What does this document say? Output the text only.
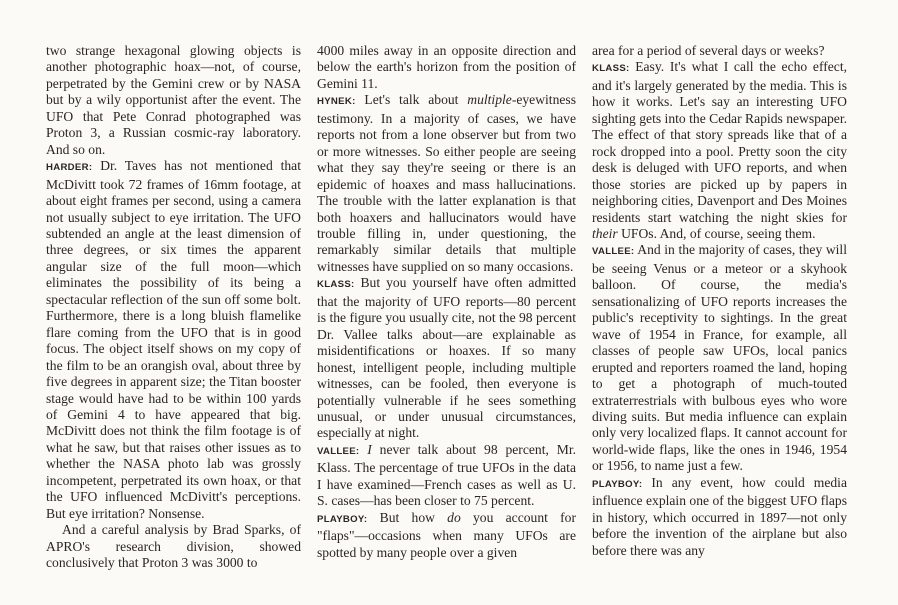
two strange hexagonal glowing objects is another photographic hoax—not, of course, perpetrated by the Gemini crew or by NASA but by a wily opportunist after the event. The UFO that Pete Conrad photographed was Proton 3, a Russian cosmic-ray laboratory. And so on.

HARDER: Dr. Taves has not mentioned that McDivitt took 72 frames of 16mm footage, at about eight frames per second, using a camera not usually subject to eye irritation. The UFO subtended an angle at the least dimension of three degrees, or six times the apparent angular size of the full moon—which eliminates the possibility of its being a spectacular reflection of the sun off some bolt. Furthermore, there is a long bluish flamelike flare coming from the UFO that is in good focus. The object itself shows on my copy of the film to be an orangish oval, about three by five degrees in apparent size; the Titan booster stage would have had to be within 100 yards of Gemini 4 to have appeared that big. McDivitt does not think the film footage is of what he saw, but that raises other issues as to whether the NASA photo lab was grossly incompetent, perpetrated its own hoax, or that the UFO influenced McDivitt's perceptions. But eye irritation? Nonsense.

And a careful analysis by Brad Sparks, of APRO's research division, showed conclusively that Proton 3 was 3000 to

4000 miles away in an opposite direction and below the earth's horizon from the position of Gemini 11.

HYNEK: Let's talk about multiple-eyewitness testimony. In a majority of cases, we have reports not from a lone observer but from two or more witnesses. So either people are seeing what they say they're seeing or there is an epidemic of hoaxes and mass hallucinations. The trouble with the latter explanation is that both hoaxers and hallucinators would have trouble filling in, under questioning, the remarkably similar details that multiple witnesses have supplied on so many occasions.

KLASS: But you yourself have often admitted that the majority of UFO reports—80 percent is the figure you usually cite, not the 98 percent Dr. Vallee talks about—are explainable as misidentifications or hoaxes. If so many honest, intelligent people, including multiple witnesses, can be fooled, then everyone is potentially vulnerable if he sees something unusual, or under unusual circumstances, especially at night.

VALLEE: I never talk about 98 percent, Mr. Klass. The percentage of true UFOs in the data I have examined—French cases as well as U. S. cases—has been closer to 75 percent.

PLAYBOY: But how do you account for "flaps"—occasions when many UFOs are spotted by many people over a given

area for a period of several days or weeks?

KLASS: Easy. It's what I call the echo effect, and it's largely generated by the media. This is how it works. Let's say an interesting UFO sighting gets into the Cedar Rapids newspaper. The effect of that story spreads like that of a rock dropped into a pool. Pretty soon the city desk is deluged with UFO reports, and when those stories are picked up by papers in neighboring cities, Davenport and Des Moines residents start watching the night skies for their UFOs. And, of course, seeing them.

VALLEE: And in the majority of cases, they will be seeing Venus or a meteor or a skyhook balloon. Of course, the media's sensationalizing of UFO reports increases the public's receptivity to sightings. In the great wave of 1954 in France, for example, all classes of people saw UFOs, local panics erupted and reporters roamed the land, hoping to get a photograph of much-touted extraterrestrials with bulbous eyes who wore diving suits. But media influence can explain only very localized flaps. It cannot account for world-wide flaps, like the ones in 1946, 1954 or 1956, to name just a few.

PLAYBOY: In any event, how could media influence explain one of the biggest UFO flaps in history, which occurred in 1897—not only before the invention of the airplane but also before there was any
